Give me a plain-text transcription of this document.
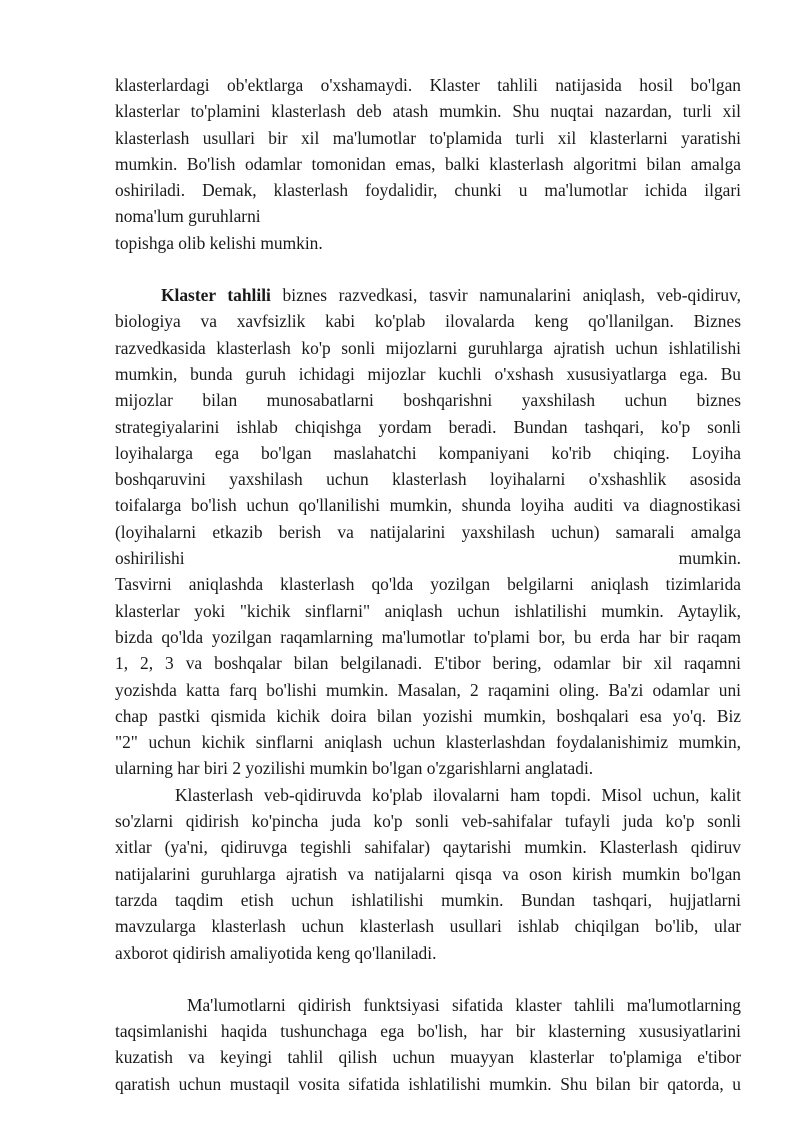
klasterlardagi ob'ektlarga o'xshamaydi. Klaster tahlili natijasida hosil bo'lgan
klasterlar to'plamini klasterlash deb atash mumkin. Shu nuqtai nazardan, turli xil
klasterlash usullari bir xil ma'lumotlar to'plamida turli xil klasterlarni yaratishi
mumkin. Bo'lish odamlar tomonidan emas, balki klasterlash algoritmi bilan amalga
oshiriladi. Demak, klasterlash foydalidir, chunki u ma'lumotlar ichida ilgari
noma'lum guruhlarni
topishga olib kelishi mumkin.

Klaster tahlili biznes razvedkasi, tasvir namunalarini aniqlash, veb-qidiruv,
biologiya va xavfsizlik kabi ko'plab ilovalarda keng qo'llanilgan. Biznes
razvedkasida klasterlash ko'p sonli mijozlarni guruhlarga ajratish uchun ishlatilishi
mumkin, bunda guruh ichidagi mijozlar kuchli o'xshash xususiyatlarga ega. Bu
mijozlar bilan munosabatlarni boshqarishni yaxshilash uchun biznes
strategiyalarini ishlab chiqishga yordam beradi. Bundan tashqari, ko'p sonli
loyihalarga ega bo'lgan maslahatchi kompaniyani ko'rib chiqing. Loyiha
boshqaruvini yaxshilash uchun klasterlash loyihalarni o'xshashlik asosida
toifalarga bo'lish uchun qo'llanilishi mumkin, shunda loyiha auditi va diagnostikasi
(loyihalarni etkazib berish va natijalarini yaxshilash uchun) samarali amalga
oshirilishi mumkin.

Tasvirni aniqlashda klasterlash qo'lda yozilgan belgilarni aniqlash tizimlarida
klasterlar yoki "kichik sinflarni" aniqlash uchun ishlatilishi mumkin. Aytaylik,
bizda qo'lda yozilgan raqamlarning ma'lumotlar to'plami bor, bu erda har bir raqam
1, 2, 3 va boshqalar bilan belgilanadi. E'tibor bering, odamlar bir xil raqamni
yozishda katta farq bo'lishi mumkin. Masalan, 2 raqamini oling. Ba'zi odamlar uni
chap pastki qismida kichik doira bilan yozishi mumkin, boshqalari esa yo'q. Biz
"2" uchun kichik sinflarni aniqlash uchun klasterlashdan foydalanishimiz mumkin,
ularning har biri 2 yozilishi mumkin bo'lgan o'zgarishlarni anglatadi.

Klasterlash veb-qidiruvda ko'plab ilovalarni ham topdi. Misol uchun, kalit
so'zlarni qidirish ko'pincha juda ko'p sonli veb-sahifalar tufayli juda ko'p sonli
xitlar (ya'ni, qidiruvga tegishli sahifalar) qaytarishi mumkin. Klasterlash qidiruv
natijalarini guruhlarga ajratish va natijalarni qisqa va oson kirish mumkin bo'lgan
tarzda taqdim etish uchun ishlatilishi mumkin. Bundan tashqari, hujjatlarni
mavzularga klasterlash uchun klasterlash usullari ishlab chiqilgan bo'lib, ular
axborot qidirish amaliyotida keng qo'llaniladi.

Ma'lumotlarni qidirish funktsiyasi sifatida klaster tahlili ma'lumotlarning
taqsimlanishi haqida tushunchaga ega bo'lish, har bir klasterning xususiyatlarini
kuzatish va keyingi tahlil qilish uchun muayyan klasterlar to'plamiga e'tibor
qaratish uchun mustaqil vosita sifatida ishlatilishi mumkin. Shu bilan bir qatorda, u
